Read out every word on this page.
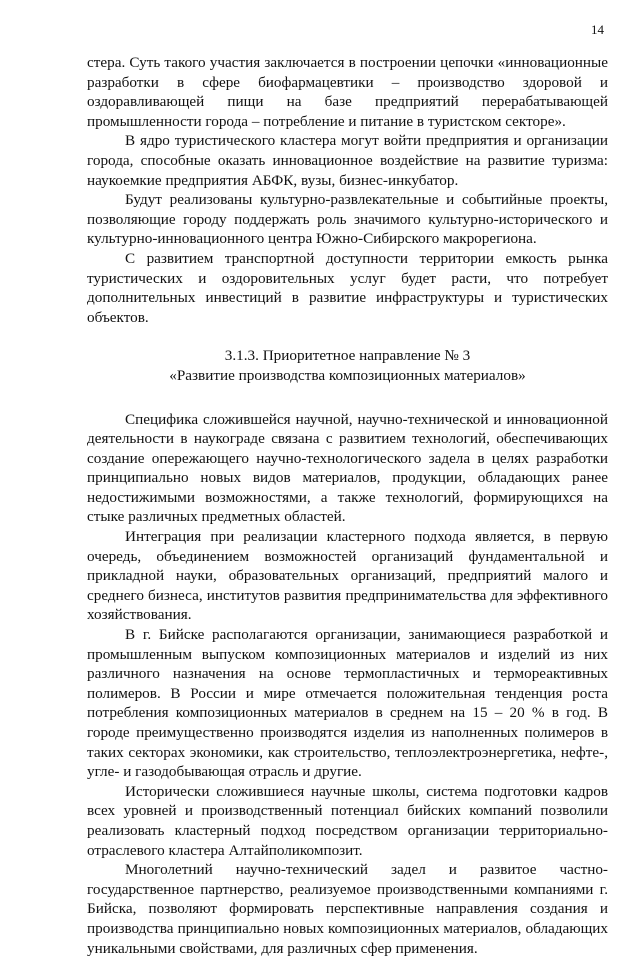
14

стера. Суть такого участия заключается в построении цепочки «инновационные разработки в сфере биофармацевтики – производство здоровой и оздоравливающей пищи на базе предприятий перерабатывающей промышленности города – потребление и питание в туристском секторе».

В ядро туристического кластера могут войти предприятия и организации города, способные оказать инновационное воздействие на развитие туризма: наукоемкие предприятия АБФК, вузы, бизнес-инкубатор.

Будут реализованы культурно-развлекательные и событийные проекты, позволяющие городу поддержать роль значимого культурно-исторического и культурно-инновационного центра Южно-Сибирского макрорегиона.

С развитием транспортной доступности территории емкость рынка туристических и оздоровительных услуг будет расти, что потребует дополнительных инвестиций в развитие инфраструктуры и туристических объектов.

3.1.3. Приоритетное направление № 3
«Развитие производства композиционных материалов»

Специфика сложившейся научной, научно-технической и инновационной деятельности в наукограде связана с развитием технологий, обеспечивающих создание опережающего научно-технологического задела в целях разработки принципиально новых видов материалов, продукции, обладающих ранее недостижимыми возможностями, а также технологий, формирующихся на стыке различных предметных областей.

Интеграция при реализации кластерного подхода является, в первую очередь, объединением возможностей организаций фундаментальной и прикладной науки, образовательных организаций, предприятий малого и среднего бизнеса, институтов развития предпринимательства для эффективного хозяйствования.

В г. Бийске располагаются организации, занимающиеся разработкой и промышленным выпуском композиционных материалов и изделий из них различного назначения на основе термопластичных и термореактивных полимеров. В России и мире отмечается положительная тенденция роста потребления композиционных материалов в среднем на 15 – 20 % в год. В городе преимущественно производятся изделия из наполненных полимеров в таких секторах экономики, как строительство, теплоэлектроэнергетика, нефте-, угле- и газодобывающая отрасль и другие.

Исторически сложившиеся научные школы, система подготовки кадров всех уровней и производственный потенциал бийских компаний позволили реализовать кластерный подход посредством организации территориально-отраслевого кластера Алтайполикомпозит.

Многолетний научно-технический задел и развитое частно-государственное партнерство, реализуемое производственными компаниями г. Бийска, позволяют формировать перспективные направления создания и производства принципиально новых композиционных материалов, обладающих уникальными свойствами, для различных сфер применения.
